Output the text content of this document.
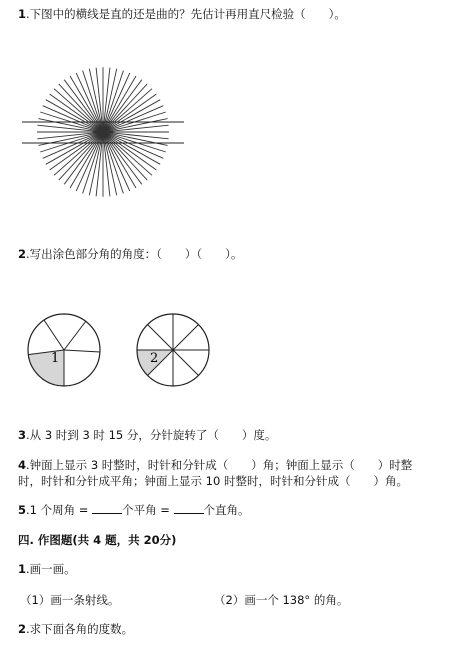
1.下图中的横线是直的还是曲的？先估计再用直尺检验（　　）。
2.写出涂色部分角的角度：（　　）（　　）。
1	2
3.从 3 时到 3 时 15 分，分针旋转了（　　）度。
4.钟面上显示 3 时整时，时针和分针成（　　）角；钟面上显示（　　）时整
时，时针和分针成平角；钟面上显示 10 时整时，时针和分针成（　　）角。
5.1 个周角 =	个平角 =	个直角。
四. 作图题(共 4 题，共 20分)
1.画一画。
（1）画一条射线。	（2）画一个 138° 的角。
2.求下面各角的度数。
